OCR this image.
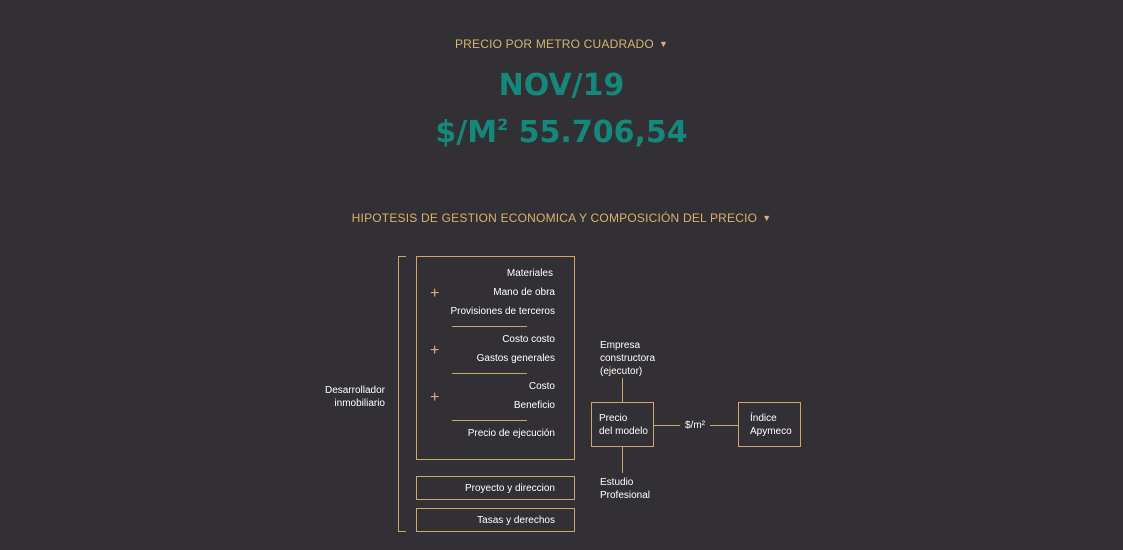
PRECIO POR METRO CUADRADO ▼
NOV/19
$\$/M^2$ 55.706,54
HIPOTESIS DE GESTION ECONOMICA Y COMPOSICIÓN DEL PRECIO ▼
Desarrollador
inmobiliario
Materiales
Mano de obra
Provisiones de terceros
+
Costo costo
Gastos generales
+
Costo
Beneficio
+
Precio de ejecución
Proyecto y direccion
Tasas y derechos
Empresa
constructora
(ejecutor)
Precio
del modelo
$/m²
Índice
Apymeco
Estudio
Profesional
